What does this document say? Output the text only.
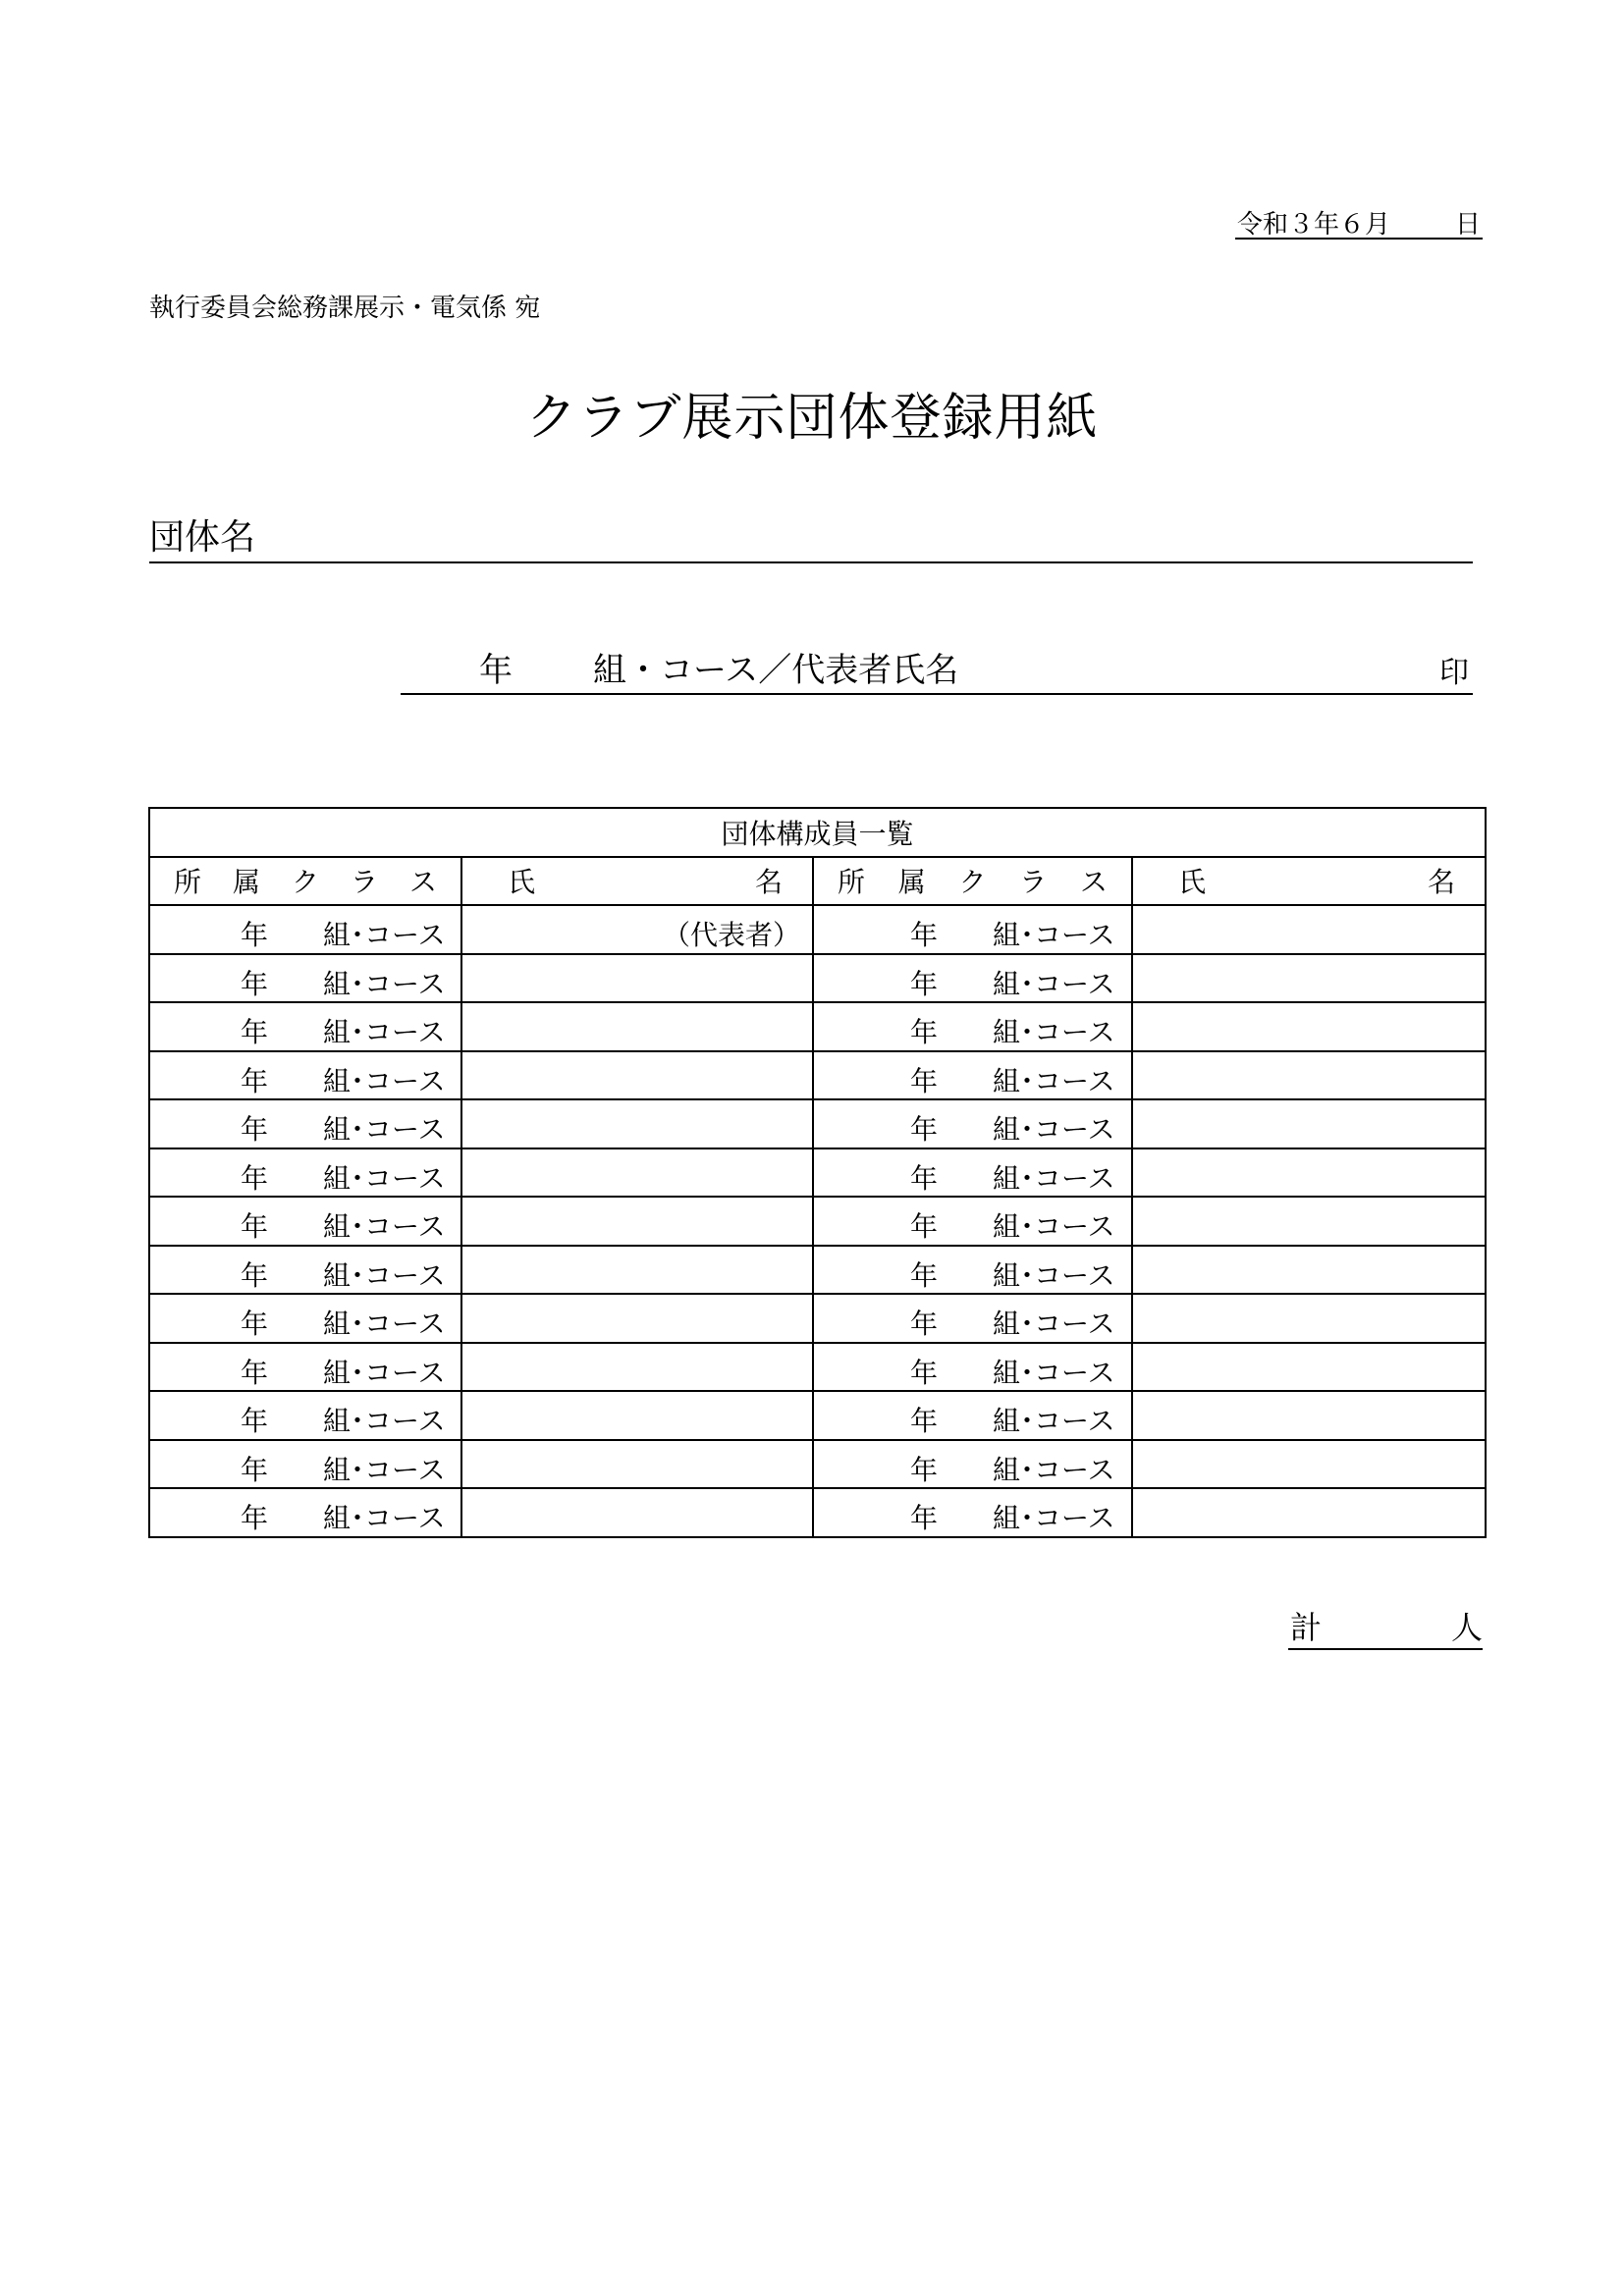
令和３年６月	日
執行委員会総務課展示・電気係 宛
クラブ展示団体登録用紙
団体名
年 組・コース／代表者氏名	印
団体構成員一覧			

所 属 ク ラ ス	氏 名	所 属 ク ラ ス	氏 名

年 組･コース	（代表者）	年 組･コース	

年 組･コース		年 組･コース	

年 組･コース		年 組･コース	

年 組･コース		年 組･コース	

年 組･コース		年 組･コース	

年 組･コース		年 組･コース	

年 組･コース		年 組･コース	

年 組･コース		年 組･コース	

年 組･コース		年 組･コース	

年 組･コース		年 組･コース	

年 組･コース		年 組･コース	

年 組･コース		年 組･コース	

年 組･コース		年 組･コース	

計	人
